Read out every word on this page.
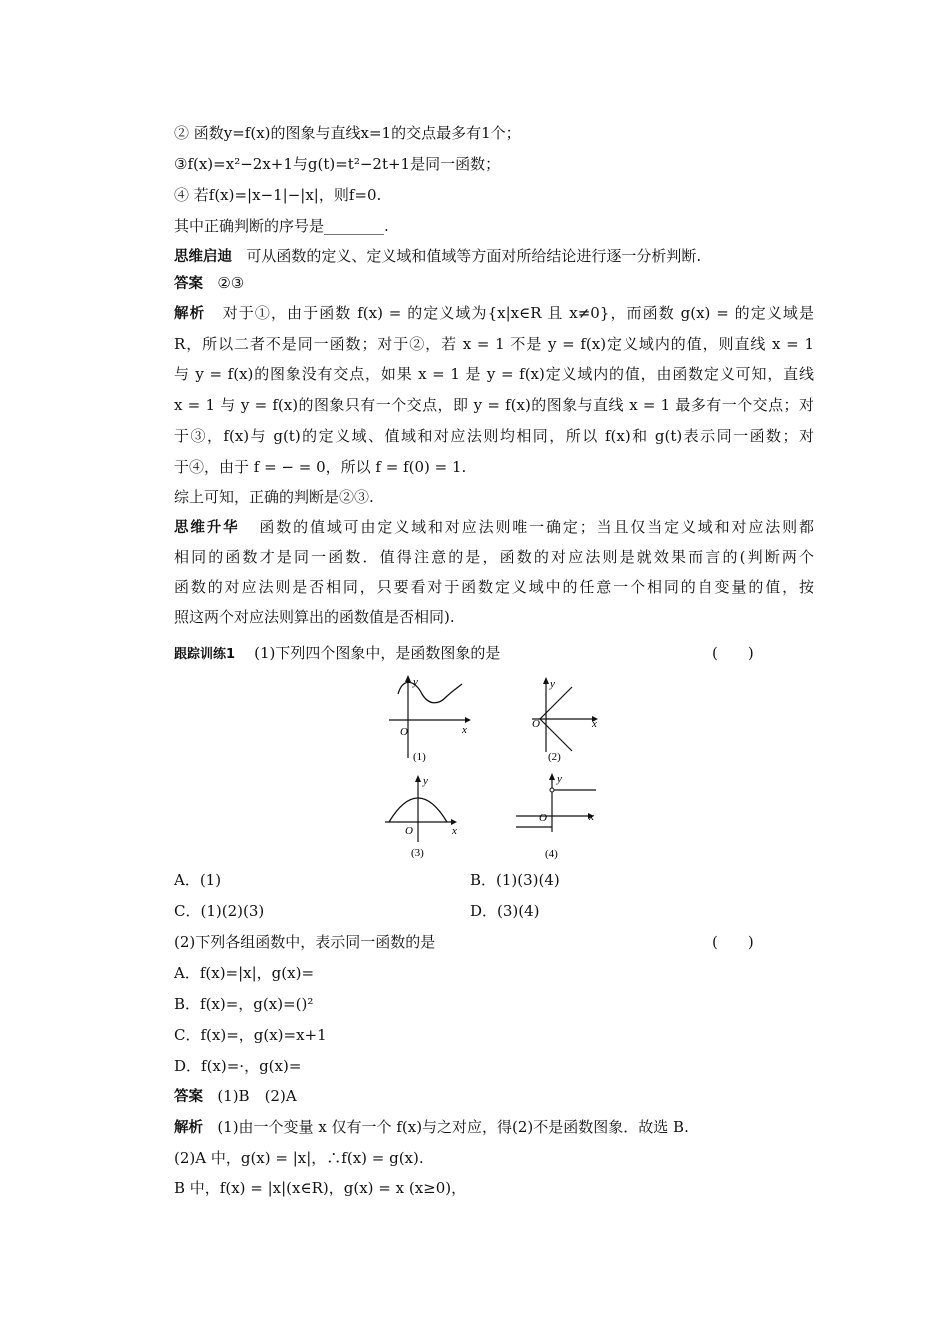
② 函数y=f(x)的图象与直线x=1的交点最多有1个；
③f(x)=x²−2x+1与g(t)=t²−2t+1是同一函数；
④ 若f(x)=|x−1|−|x|，则f=0.
其中正确判断的序号是________.
思维启迪 可从函数的定义、定义域和值域等方面对所给结论进行逐一分析判断.
答案 ②③
解析 对于①，由于函数 f(x) = 的定义域为{x|x∈R 且 x≠0}，而函数 g(x) = 的定义域是
R，所以二者不是同一函数；对于②，若 x = 1 不是 y = f(x)定义域内的值，则直线 x = 1
与 y = f(x)的图象没有交点，如果 x = 1 是 y = f(x)定义域内的值，由函数定义可知，直线
x = 1 与 y = f(x)的图象只有一个交点，即 y = f(x)的图象与直线 x = 1 最多有一个交点；对
于③，f(x)与 g(t)的定义域、值域和对应法则均相同，所以 f(x)和 g(t)表示同一函数；对
于④，由于 f = − = 0，所以 f = f(0) = 1.
综上可知，正确的判断是②③.
思维升华 函数的值域可由定义域和对应法则唯一确定；当且仅当定义域和对应法则都
相同的函数才是同一函数．值得注意的是，函数的对应法则是就效果而言的(判断两个
函数的对应法则是否相同，只要看对于函数定义域中的任意一个相同的自变量的值，按
照这两个对应法则算出的函数值是否相同).
跟踪训练1 (1)下列四个图象中，是函数图象的是	(　　)
y
x
O
(1)
y
x
O
(2)
y
x
O
(3)
y
x
O
(4)
A．(1)	B．(1)(3)(4)
C．(1)(2)(3)	D．(3)(4)
(2)下列各组函数中，表示同一函数的是	(　　)
A．f(x)=|x|，g(x)=
B．f(x)=，g(x)=()²
C．f(x)=，g(x)=x+1
D．f(x)=·，g(x)=
答案 (1)B　(2)A
解析 (1)由一个变量 x 仅有一个 f(x)与之对应，得(2)不是函数图象．故选 B.
(2)A 中，g(x) = |x|，∴f(x) = g(x).
B 中，f(x) = |x|(x∈R)，g(x) = x (x≥0)，
